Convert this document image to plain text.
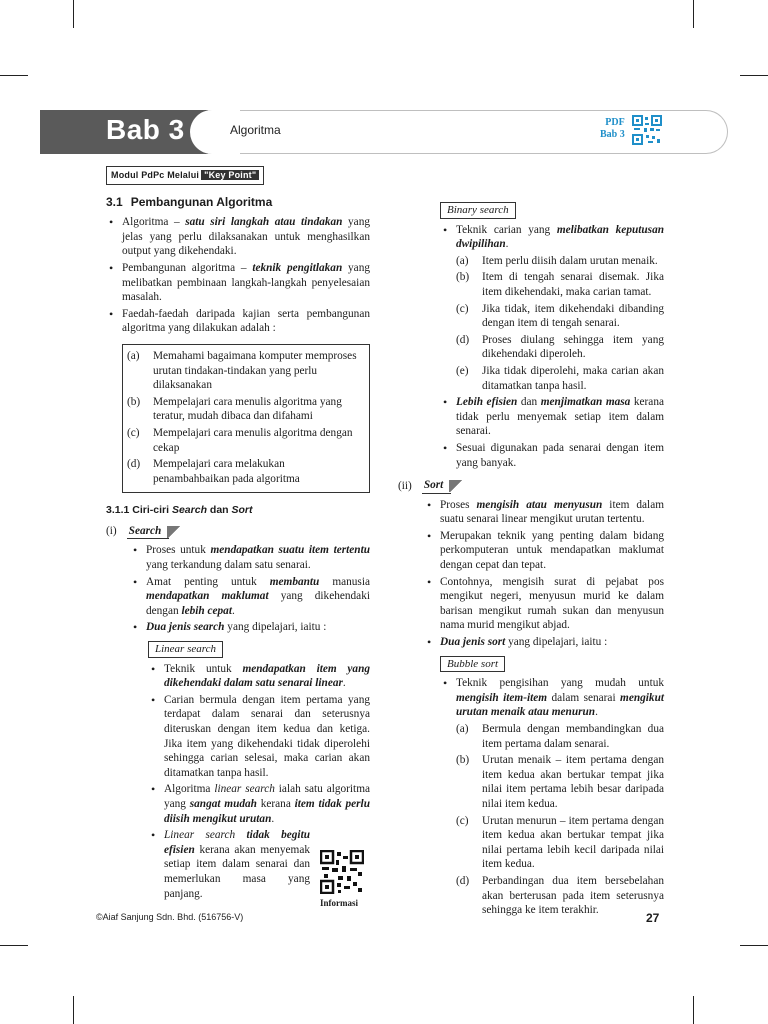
Bab 3	Algoritma
PDF
Bab 3
Modul PdPc Melalui "Key Point"
3.1 Pembangunan Algoritma
• Algoritma – satu siri langkah atau tindakan yang jelas yang perlu dilaksanakan untuk menghasilkan output yang dikehendaki.
• Pembangunan algoritma – teknik pengitlakan yang melibatkan pembinaan langkah-langkah penyelesaian masalah.
• Faedah-faedah daripada kajian serta pembangunan algoritma yang dilakukan adalah :
(a) Memahami bagaimana komputer memproses urutan tindakan-tindakan yang perlu dilaksanakan
(b) Mempelajari cara menulis algoritma yang teratur, mudah dibaca dan difahami
(c) Mempelajari cara menulis algoritma dengan cekap
(d) Mempelajari cara melakukan penambahbaikan pada algoritma
3.1.1 Ciri-ciri Search dan Sort
(i) Search
• Proses untuk mendapatkan suatu item tertentu yang terkandung dalam satu senarai.
• Amat penting untuk membantu manusia mendapatkan maklumat yang dikehendaki dengan lebih cepat.
• Dua jenis search yang dipelajari, iaitu :
Linear search
• Teknik untuk mendapatkan item yang dikehendaki dalam satu senarai linear.
• Carian bermula dengan item pertama yang terdapat dalam senarai dan seterusnya diteruskan dengan item kedua dan ketiga. Jika item yang dikehendaki tidak diperolehi sehingga carian selesai, maka carian akan ditamatkan tanpa hasil.
• Algoritma linear search ialah satu algoritma yang sangat mudah kerana item tidak perlu diisih mengikut urutan.
• Linear search tidak begitu efisien kerana akan menyemak setiap item dalam senarai dan memerlukan masa yang panjang.
Informasi
Binary search
• Teknik carian yang melibatkan keputusan dwipilihan.
(a) Item perlu diisih dalam urutan menaik.
(b) Item di tengah senarai disemak. Jika item dikehendaki, maka carian tamat.
(c) Jika tidak, item dikehendaki dibanding dengan item di tengah senarai.
(d) Proses diulang sehingga item yang dikehendaki diperoleh.
(e) Jika tidak diperolehi, maka carian akan ditamatkan tanpa hasil.
• Lebih efisien dan menjimatkan masa kerana tidak perlu menyemak setiap item dalam senarai.
• Sesuai digunakan pada senarai dengan item yang banyak.
(ii) Sort
• Proses mengisih atau menyusun item dalam suatu senarai linear mengikut urutan tertentu.
• Merupakan teknik yang penting dalam bidang perkomputeran untuk mendapatkan maklumat dengan cepat dan tepat.
• Contohnya, mengisih surat di pejabat pos mengikut negeri, menyusun murid ke dalam barisan mengikut rumah sukan dan menyusun nama murid mengikut abjad.
• Dua jenis sort yang dipelajari, iaitu :
Bubble sort
• Teknik pengisihan yang mudah untuk mengisih item-item dalam senarai mengikut urutan menaik atau menurun.
(a) Bermula dengan membandingkan dua item pertama dalam senarai.
(b) Urutan menaik – item pertama dengan item kedua akan bertukar tempat jika nilai item pertama lebih besar daripada nilai item kedua.
(c) Urutan menurun – item pertama dengan item kedua akan bertukar tempat jika nilai pertama lebih kecil daripada nilai item kedua.
(d) Perbandingan dua item bersebelahan akan berterusan pada item seterusnya sehingga ke item terakhir.
©Aiaf Sanjung Sdn. Bhd. (516756-V)	27
